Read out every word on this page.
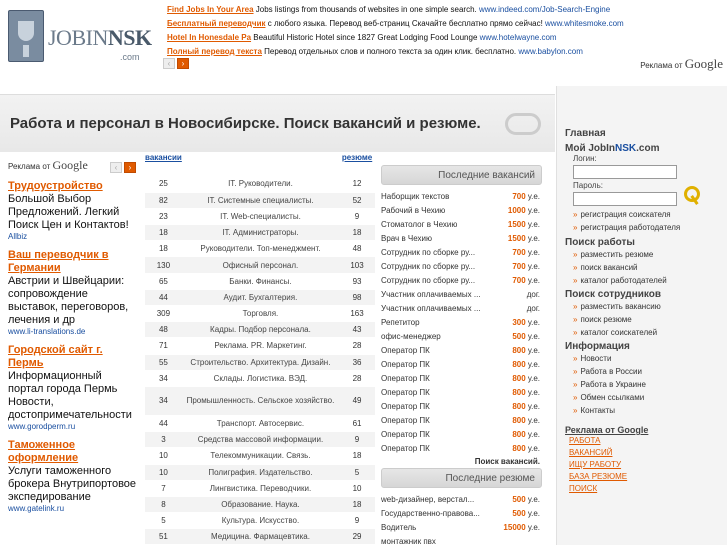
JOBINNSK
.com
Find Jobs In Your Area Jobs listings from thousands of websites in one simple search. www.indeed.com/Job-Search-Engine
Бесплатный переводчик с любого языка. Перевод веб-страниц Скачайте бесплатно прямо сейчас! www.whitesmoke.com
Hotel In Honesdale Pa Beautiful Historic Hotel since 1827 Great Lodging Food Lounge www.hotelwayne.com
Полный перевод текста Перевод отдельных слов и полного текста за один клик. бесплатно. www.babylon.com
‹ ›	Реклама от Google
Работа и персонал в Новосибирске. Поиск вакансий и резюме.
Реклама от Google	‹ ›
Трудоустройство
Большой Выбор Предложений. Легкий Поиск Цен и Контактов!
Allbiz
Ваш переводчик в Германии
Австрии и Швейцарии: сопровождение выставок, переговоров, лечения и др
www.li-translations.de
Городской сайт г. Пермь
Информационный портал города Пермь Новости, достопримечательности
www.gorodperm.ru
Таможенное оформление
Услуги таможенного брокера Внутрипортовое экспедирование
www.gatelink.ru
вакансии		резюме
25	IT. Руководители.	12
82	IT. Системные специалисты.	52
23	IT. Web-специалисты.	9
18	IT. Администраторы.	18
18	Руководители. Топ-менеджмент.	48
130	Офисный персонал.	103
65	Банки. Финансы.	93
44	Аудит. Бухгалтерия.	98
309	Торговля.	163
48	Кадры. Подбор персонала.	43
71	Реклама. PR. Маркетинг.	28
55	Строительство. Архитектура. Дизайн.	36
34	Склады. Логистика. ВЭД.	28
34	Промышленность. Сельское хозяйство.	49
44	Транспорт. Автосервис.	61
3	Средства массовой информации.	9
10	Телекоммуникации. Связь.	18
10	Полиграфия. Издательство.	5
7	Лингвистика. Переводчики.	10
8	Образование. Наука.	18
5	Культура. Искусство.	9
51	Медицина. Фармацевтика.	29
Последние вакансий
Наборщик текстов	700 у.е.
Рабочий в Чехию	1000 у.е.
Стоматолог в Чехию	1500 у.е.
Врач в Чехию	1500 у.е.
Сотрудник по сборке ру...	700 у.е.
Сотрудник по сборке ру...	700 у.е.
Сотрудник по сборке ру...	700 у.е.
Участник оплачиваемых ...	дог.
Участник оплачиваемых ...	дог.
Репетитор	300 у.е.
офис-менеджер	500 у.е.
Оператор ПК	800 у.е.
Оператор ПК	800 у.е.
Оператор ПК	800 у.е.
Оператор ПК	800 у.е.
Оператор ПК	800 у.е.
Оператор ПК	800 у.е.
Оператор ПК	800 у.е.
Оператор ПК	800 у.е.
Поиск вакансий.
Последние резюме
web-дизайнер, верстал...	500 у.е.
Государственно-правова...	500 у.е.
Водитель	15000 у.е.
монтажник пвх
Главная
Мой JobInNSK.com
Логин:
Пароль:
» регистрация соискателя
» регистрация работодателя
Поиск работы
» разместить резюме
» поиск вакансий
» каталог работодателей
Поиск сотрудников
» разместить вакансию
» поиск резюме
» каталог соискателей
Информация
» Новости
» Работа в России
» Работа в Украине
» Обмен ссылками
» Контакты
Реклама от Google
РАБОТА
ВАКАНСИЙ
ИЩУ РАБОТУ
БАЗА РЕЗЮМЕ
ПОИСК
